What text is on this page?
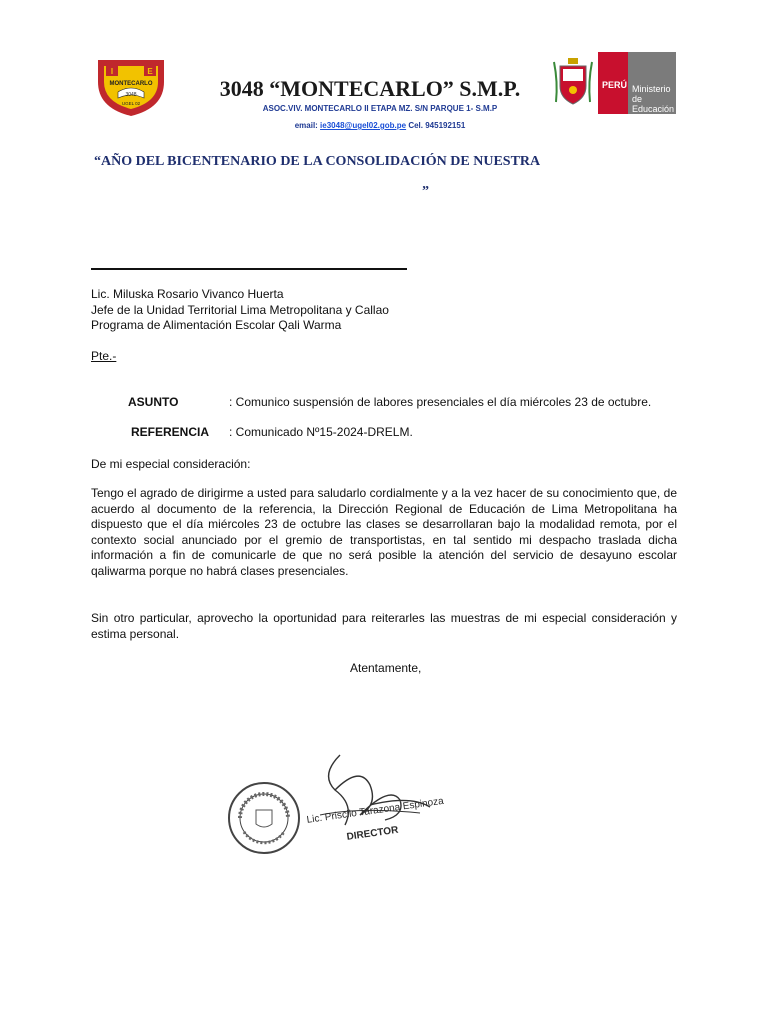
I	E
MONTECARLO
3048
UGEL 02
3048 “MONTECARLO” S.M.P.
ASOC.VIV. MONTECARLO II ETAPA MZ. S/N PARQUE 1- S.M.P
email: ie3048@ugel02.gob.pe Cel. 945192151
PERÚ Ministerio
de Educación
“AÑO DEL BICENTENARIO DE LA CONSOLIDACIÓN DE NUESTRA
”
Lic. Miluska Rosario Vivanco Huerta
Jefe de la Unidad Territorial Lima Metropolitana y Callao
Programa de Alimentación Escolar Qali Warma
Pte.-
ASUNTO	: Comunico suspensión de labores presenciales el día miércoles 23 de octubre.
REFERENCIA : Comunicado Nº15-2024-DRELM.
De mi especial consideración:
Tengo el agrado de dirigirme a usted para saludarlo cordialmente y a la vez hacer de su conocimiento que, de acuerdo al documento de la referencia, la Dirección Regional de Educación de Lima Metropolitana ha dispuesto que el día miércoles 23 de octubre las clases se desarrollaran bajo la modalidad remota, por el contexto social anunciado por el gremio de transportistas, en tal sentido mi despacho traslada dicha información a fin de comunicarle de que no será posible la atención del servicio de desayuno escolar qaliwarma porque no habrá clases presenciales.
Sin otro particular, aprovecho la oportunidad para reiterarles las muestras de mi especial consideración y estima personal.
Atentamente,
Lic. Priscilo Tarazona Espinoza
DIRECTOR
